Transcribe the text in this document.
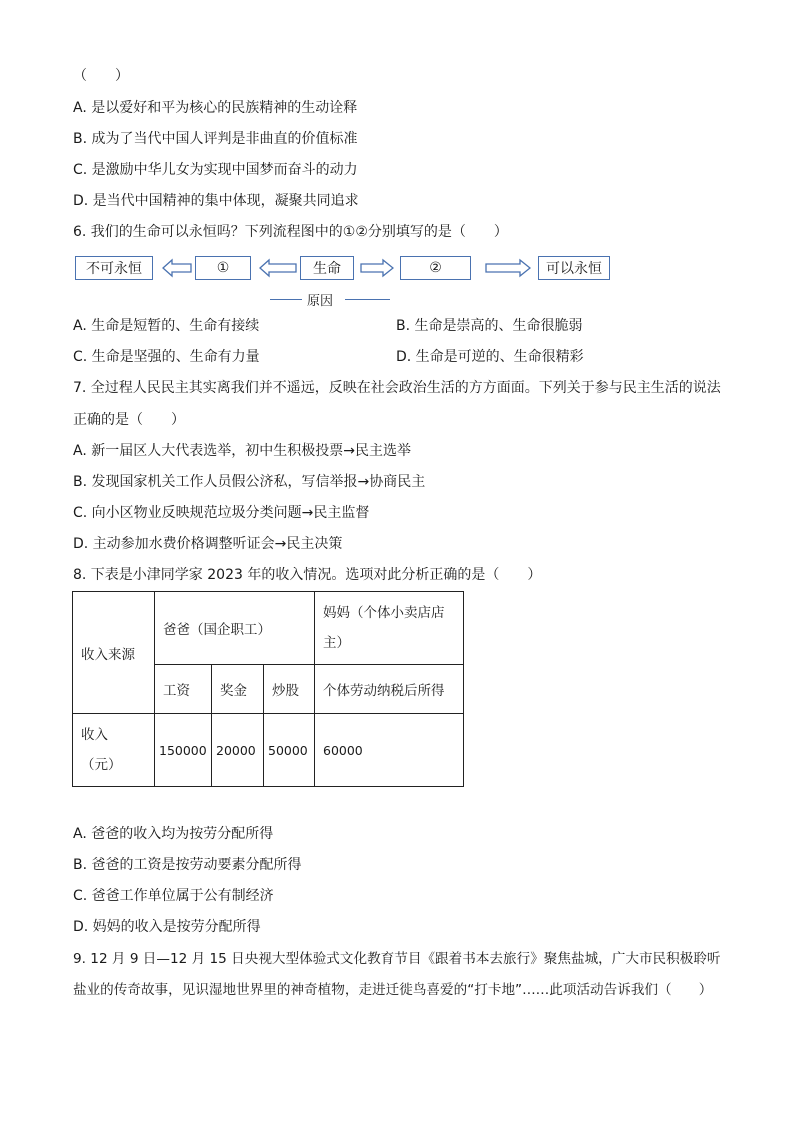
（　　）
A. 是以爱好和平为核心的民族精神的生动诠释
B. 成为了当代中国人评判是非曲直的价值标准
C. 是激励中华儿女为实现中国梦而奋斗的动力
D. 是当代中国精神的集中体现，凝聚共同追求
6. 我们的生命可以永恒吗？下列流程图中的①②分别填写的是（　　）
不可永恒	①	生命	②	可以永恒
原因
A. 生命是短暂的、生命有接续	B. 生命是崇高的、生命很脆弱
C. 生命是坚强的、生命有力量	D. 生命是可逆的、生命很精彩
7. 全过程人民民主其实离我们并不遥远，反映在社会政治生活的方方面面。下列关于参与民主生活的说法
正确的是（　　）
A. 新一届区人大代表选举，初中生积极投票→民主选举
B. 发现国家机关工作人员假公济私，写信举报→协商民主
C. 向小区物业反映规范垃圾分类问题→民主监督
D. 主动参加水费价格调整听证会→民主决策
8. 下表是小津同学家 2023 年的收入情况。选项对此分析正确的是（　　）
收入来源	爸爸（国企职工）			妈妈（个体小卖店店
主）

	工资	奖金	炒股	个体劳动纳税后所得

收入
（元）	150000	20000	50000	60000
A. 爸爸的收入均为按劳分配所得
B. 爸爸的工资是按劳动要素分配所得
C. 爸爸工作单位属于公有制经济
D. 妈妈的收入是按劳分配所得
9. 12 月 9 日—12 月 15 日央视大型体验式文化教育节目《跟着书本去旅行》聚焦盐城，广大市民积极聆听
盐业的传奇故事，见识湿地世界里的神奇植物，走进迁徙鸟喜爱的“打卡地”……此项活动告诉我们（　　）
